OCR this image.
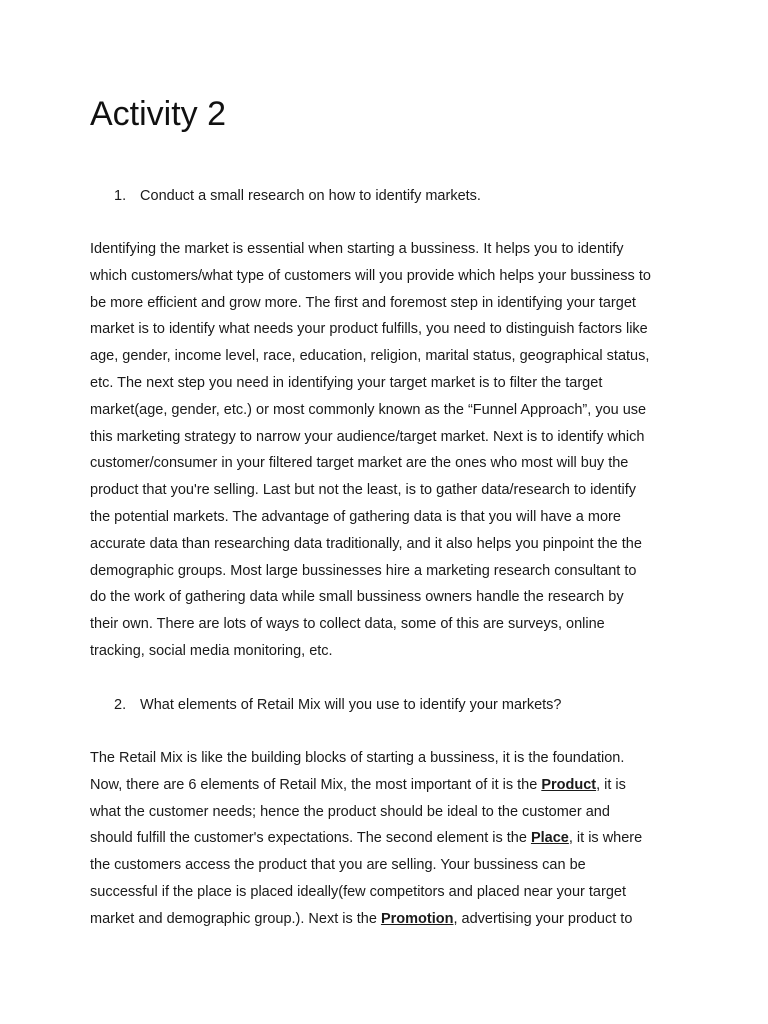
Activity 2
1. Conduct a small research on how to identify markets.
Identifying the market is essential when starting a bussiness. It helps you to identify
which customers/what type of customers will you provide which helps your bussiness to
be more efficient and grow more. The first and foremost step in identifying your target
market is to identify what needs your product fulfills, you need to distinguish factors like
age, gender, income level, race, education, religion, marital status, geographical status,
etc. The next step you need in identifying your target market is to filter the target
market(age, gender, etc.) or most commonly known as the “Funnel Approach”, you use
this marketing strategy to narrow your audience/target market. Next is to identify which
customer/consumer in your filtered target market are the ones who most will buy the
product that you're selling. Last but not the least, is to gather data/research to identify
the potential markets. The advantage of gathering data is that you will have a more
accurate data than researching data traditionally, and it also helps you pinpoint the the
demographic groups. Most large bussinesses hire a marketing research consultant to
do the work of gathering data while small bussiness owners handle the research by
their own. There are lots of ways to collect data, some of this are surveys, online
tracking, social media monitoring, etc.
2. What elements of Retail Mix will you use to identify your markets?
The Retail Mix is like the building blocks of starting a bussiness, it is the foundation.
Now, there are 6 elements of Retail Mix, the most important of it is the Product, it is
what the customer needs; hence the product should be ideal to the customer and
should fulfill the customer's expectations. The second element is the Place, it is where
the customers access the product that you are selling. Your bussiness can be
successful if the place is placed ideally(few competitors and placed near your target
market and demographic group.). Next is the Promotion, advertising your product to
